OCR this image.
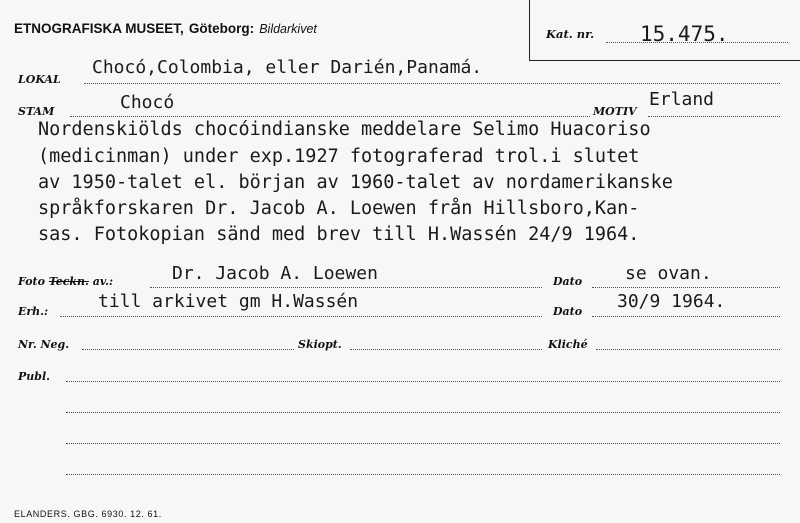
ETNOGRAFISKA MUSEET, Göteborg: Bildarkivet	Kat. nr. 15.475.
LOKAL
Chocó,Colombia, eller Darién,Panamá.
STAM	Chocó	MOTIV
Erland
Nordenskiölds chocóindianske meddelare Selimo Huacoriso
(medicinman) under exp.1927 fotograferad trol.i slutet
av 1950-talet el. början av 1960-talet av nordamerikanske
språkforskaren Dr. Jacob A. Loewen från Hillsboro,Kan-
sas. Fotokopian sänd med brev till H.Wassén 24/9 1964.
Foto Teckn. av.:	Dr. Jacob A. Loewen	Dato se ovan.
Erh.:	till arkivet gm H.Wassén	Dato 30/9 1964.
Nr. Neg.	Skiopt.	Kliché
Publ.
ELANDERS. GBG. 6930. 12. 61.
